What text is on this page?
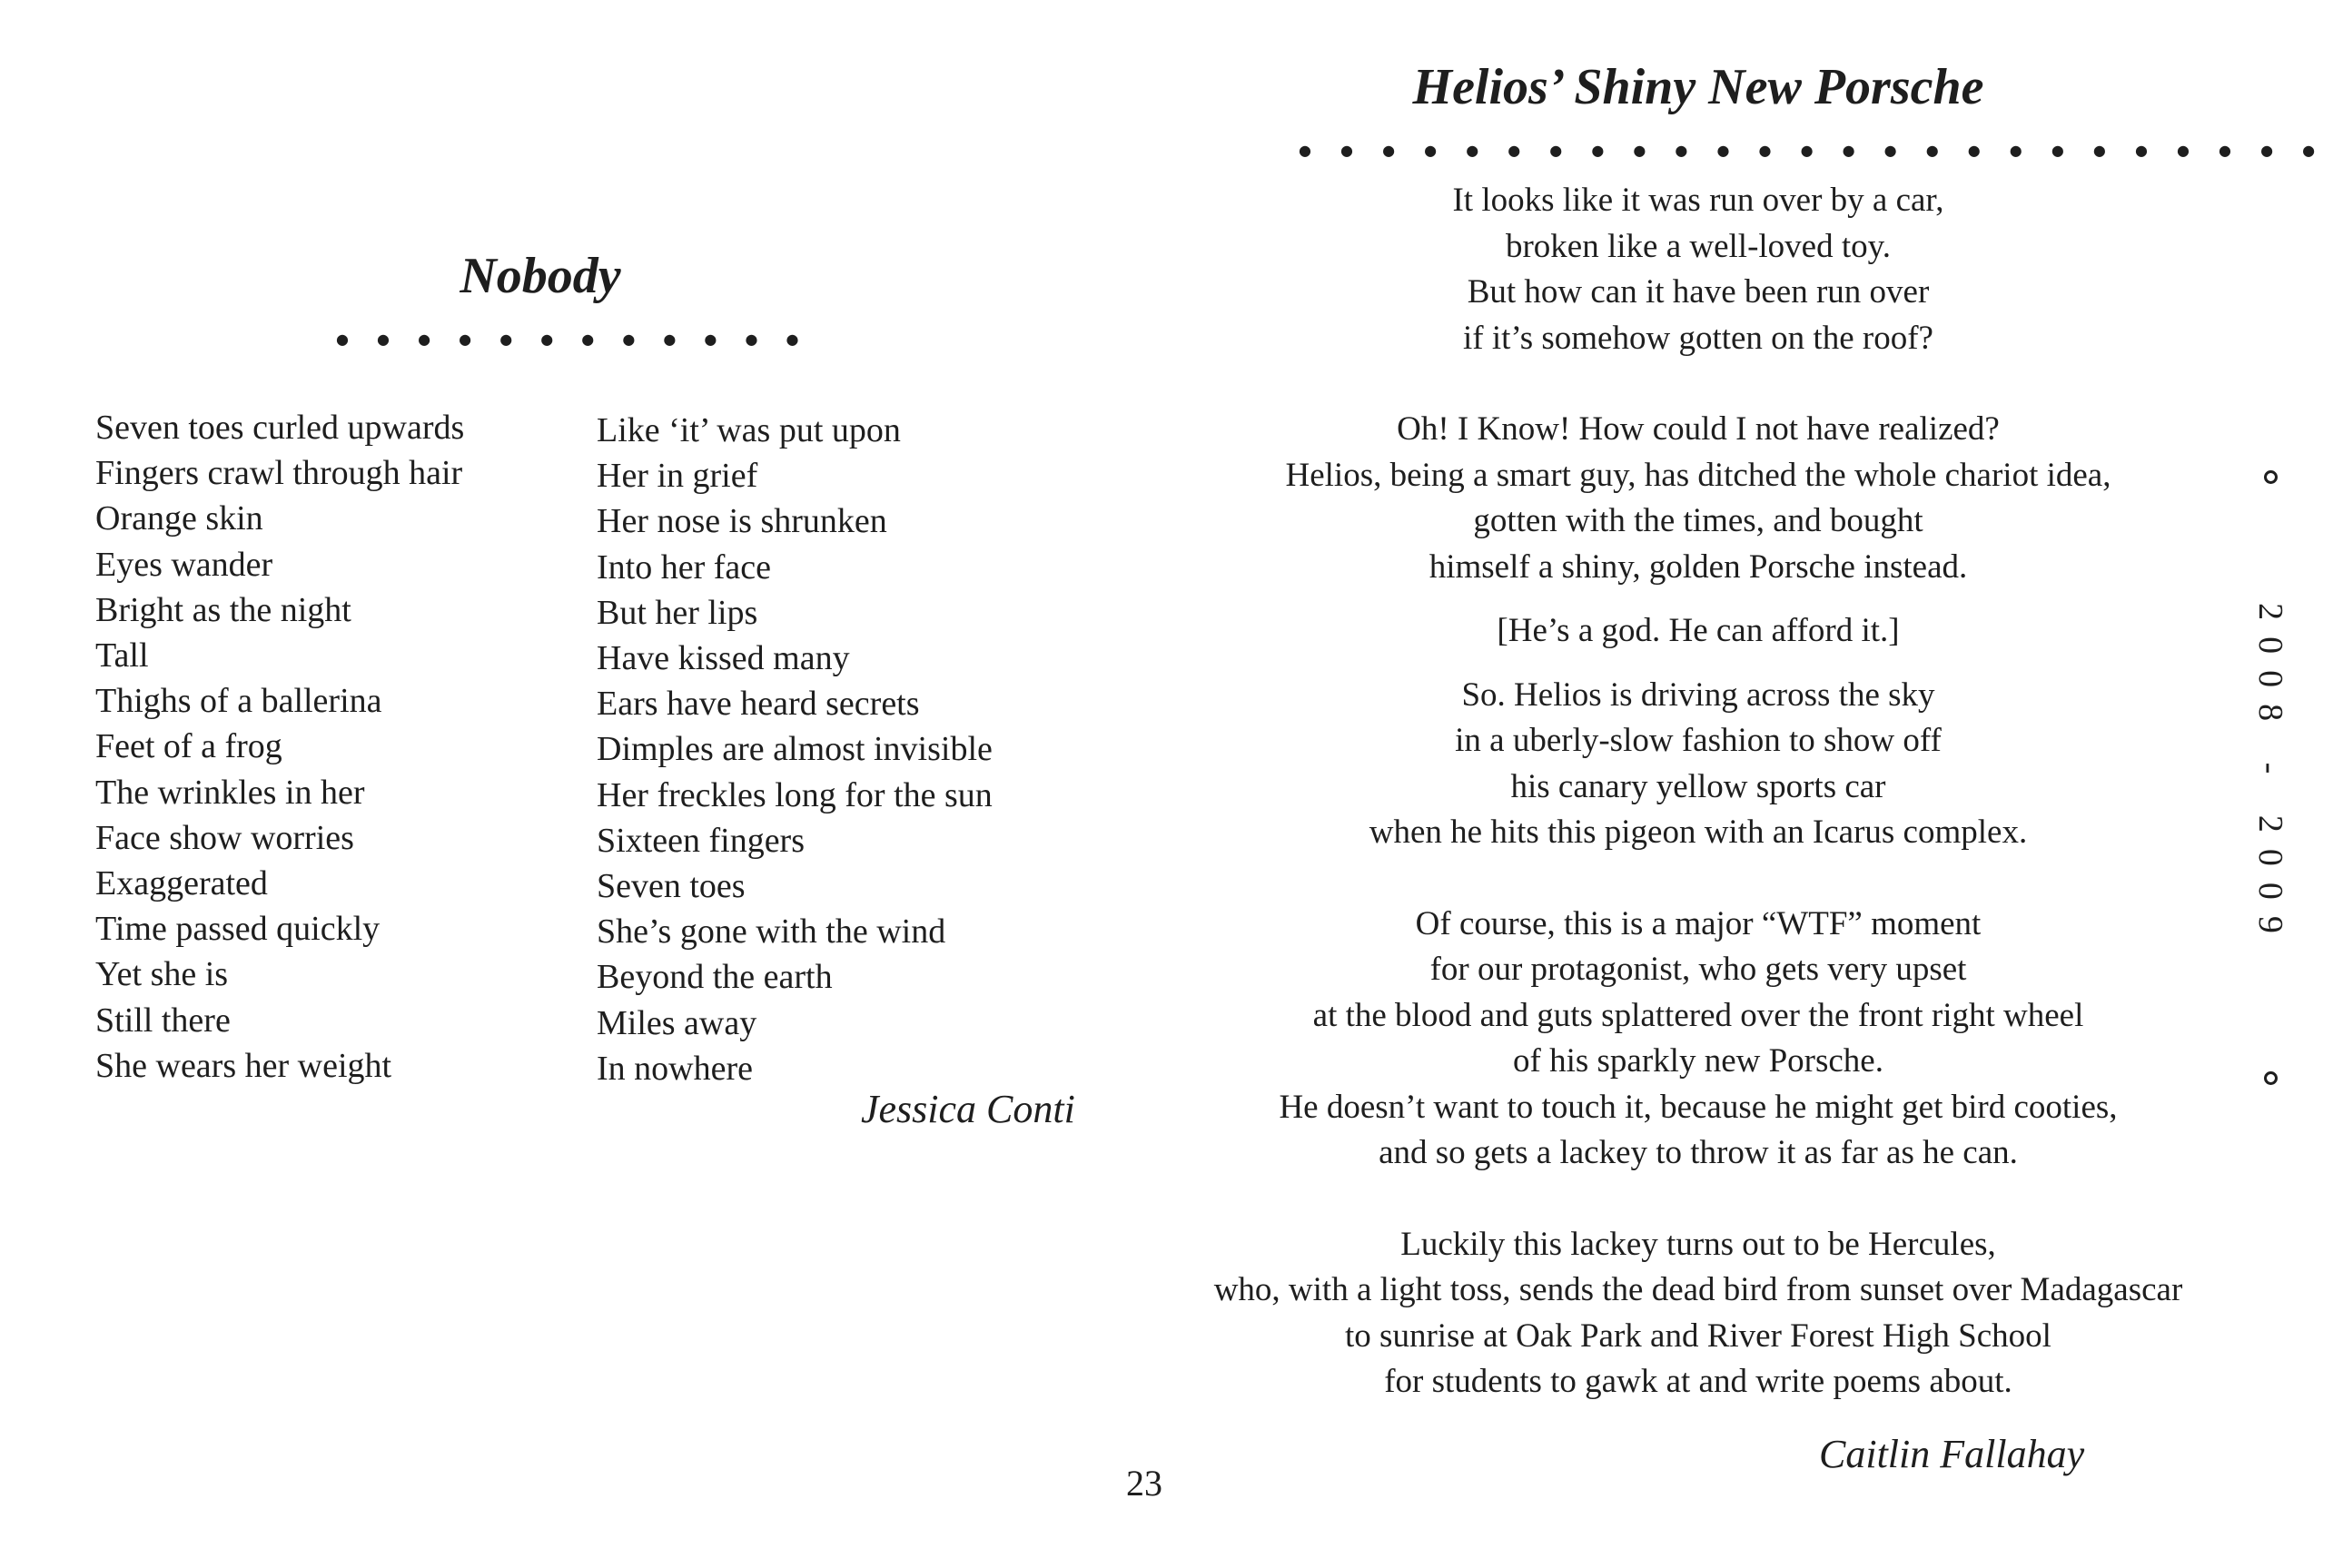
Nobody
● ● ● ● ● ● ● ● ● ● ● ●
Seven toes curled upwards
Fingers crawl through hair
Orange skin
Eyes wander
Bright as the night
Tall
Thighs of a ballerina
Feet of a frog
The wrinkles in her
Face show worries
Exaggerated
Time passed quickly
Yet she is
Still there
She wears her weight
Like ‘it’ was put upon
Her in grief
Her nose is shrunken
Into her face
But her lips
Have kissed many
Ears have heard secrets
Dimples are almost invisible
Her freckles long for the sun
Sixteen fingers
Seven toes
She’s gone with the wind
Beyond the earth
Miles away
In nowhere
Jessica Conti
Helios’ Shiny New Porsche
● ● ● ● ● ● ● ● ● ● ● ● ● ● ● ● ● ● ● ● ● ● ● ● ●
It looks like it was run over by a car,
broken like a well-loved toy.
But how can it have been run over
if it’s somehow gotten on the roof?
Oh! I Know! How could I not have realized?
Helios, being a smart guy, has ditched the whole chariot idea,
gotten with the times, and bought
himself a shiny, golden Porsche instead.
[He’s a god. He can afford it.]
So. Helios is driving across the sky
in a uberly-slow fashion to show off
his canary yellow sports car
when he hits this pigeon with an Icarus complex.
Of course, this is a major “WTF” moment
for our protagonist, who gets very upset
at the blood and guts splattered over the front right wheel
of his sparkly new Porsche.
He doesn’t want to touch it, because he might get bird cooties,
and so gets a lackey to throw it as far as he can.
Luckily this lackey turns out to be Hercules,
who, with a light toss, sends the dead bird from sunset over Madagascar
to sunrise at Oak Park and River Forest High School
for students to gawk at and write poems about.
Caitlin Fallahay
23
2008 - 2009
